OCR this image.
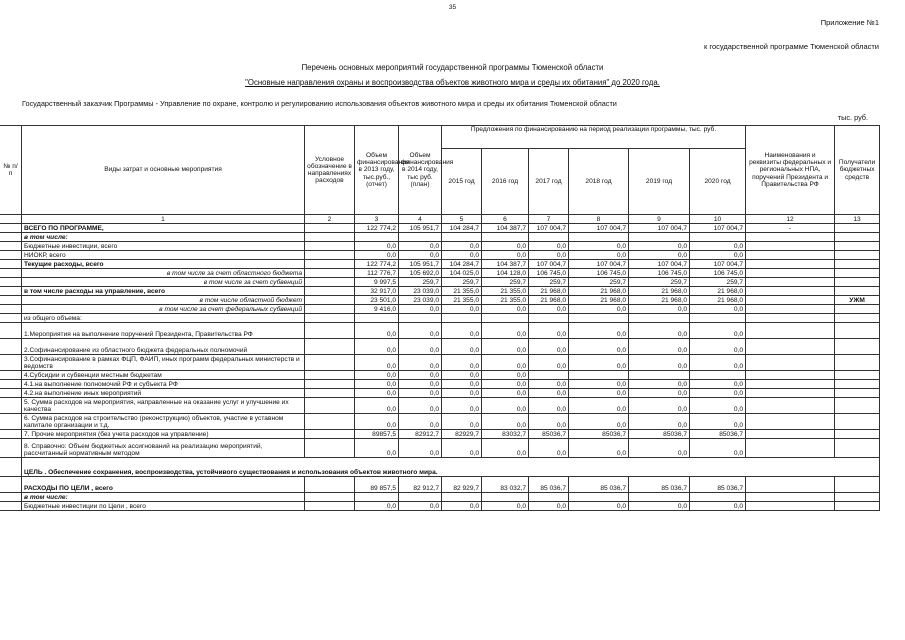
35
Приложение №1
к государственной программе Тюменской области
Перечень основных мероприятий государственной программы Тюменской области
"Основные направления охраны и воспроизводства объектов животного мира и среды их обитания" до 2020 года.
Государственный заказчик Программы - Управление по охране, контролю и регулированию использования объектов животного мира и среды их обитания Тюменской области
тыс. руб.
№ п/п	Виды затрат и основные мероприятия	Условное обозначение в направлениях расходов	Объем финансирования в 2013 году, тыс.руб., (отчет)	Объем финансирования в 2014 году, тыс руб. (план)	Предложения по финансированию на период реализации программы, тыс. руб.						Наименования и реквизиты федеральных и региональных НПА, поручений Президента и Правительства РФ	Получатели бюджетных средств
					2015 год	2016 год	2017 год	2018 год	2019 год	2020 год		
	1	2	3	4	5	6	7	8	9	10	12	13
	ВСЕГО ПО ПРОГРАММЕ,		122 774,2	105 951,7	104 284,7	104 387,7	107 004,7	107 004,7	107 004,7	107 004,7	-	
	в том числе:											
	Бюджетные инвестиции, всего		0,0	0,0	0,0	0,0	0,0	0,0	0,0	0,0		
	НИОКР, всего		0,0	0,0	0,0	0,0	0,0	0,0	0,0	0,0		
	Текущие расходы, всего		122 774,2	105 951,7	104 284,7	104 387,7	107 004,7	107 004,7	107 004,7	107 004,7		
	в том числе за счет областного бюджета		112 776,7	105 692,0	104 025,0	104 128,0	106 745,0	106 745,0	106 745,0	106 745,0		
	в том числе за счет субвенций		9 997,5	259,7	259,7	259,7	259,7	259,7	259,7	259,7		
	в том числе расходы на управление, всего		32 917,0	23 039,0	21 355,0	21 355,0	21 968,0	21 968,0	21 968,0	21 968,0		
	в том числе областной бюджет		23 501,0	23 039,0	21 355,0	21 355,0	21 968,0	21 968,0	21 968,0	21 968,0		УЖМ
	в том числе за счет федеральных субвенций		9 416,0	0,0	0,0	0,0	0,0	0,0	0,0	0,0		
	из общего объема:											
	1.Мероприятия на выполнение поручений Президента, Правительства РФ		0,0	0,0	0,0	0,0	0,0	0,0	0,0	0,0		
	2.Софинансирование из областного бюджета федеральных полномочий		0,0	0,0	0,0	0,0	0,0	0,0	0,0	0,0		
	3.Софинансирование в рамках ФЦП, ФАИП, иных программ федеральных министерств и ведомств		0,0	0,0	0,0	0,0	0,0	0,0	0,0	0,0		
	4.Субсидии и субвенции местным бюджетам		0,0	0,0	0,0	0,0						
	4.1.на выполнение полномочий РФ и субъекта РФ		0,0	0,0	0,0	0,0	0,0	0,0	0,0	0,0		
	4.2.на выполнение иных мероприятий		0,0	0,0	0,0	0,0	0,0	0,0	0,0	0,0		
	5. Сумма расходов на мероприятия, направленные на оказание услуг и улучшение их качества		0,0	0,0	0,0	0,0	0,0	0,0	0,0	0,0		
	6. Сумма расходов на строительство (реконструкцию) объектов, участие в уставном капитале организации и т.д.		0,0	0,0	0,0	0,0	0,0	0,0	0,0	0,0		
	7. Прочие мероприятия (без учета расходов на управление)		89857,5	82912,7	82929,7	83032,7	85036,7	85036,7	85036,7	85036,7		
	8. Справочно: Объем бюджетных ассигнований на реализацию мероприятий, рассчитанный нормативным методом		0,0	0,0	0,0	0,0	0,0	0,0	0,0	0,0		
	ЦЕЛЬ . Обеспечение сохранения, воспроизводства, устойчивого существования и использования объектов животного мира.											
	РАСХОДЫ ПО ЦЕЛИ , всего		89 857,5	82 912,7	82 929,7	83 032,7	85 036,7	85 036,7	85 036,7	85 036,7		
	в том числе:											
	Бюджетные инвестиции по Цели , всего		0,0	0,0	0,0	0,0	0,0	0,0	0,0	0,0		
